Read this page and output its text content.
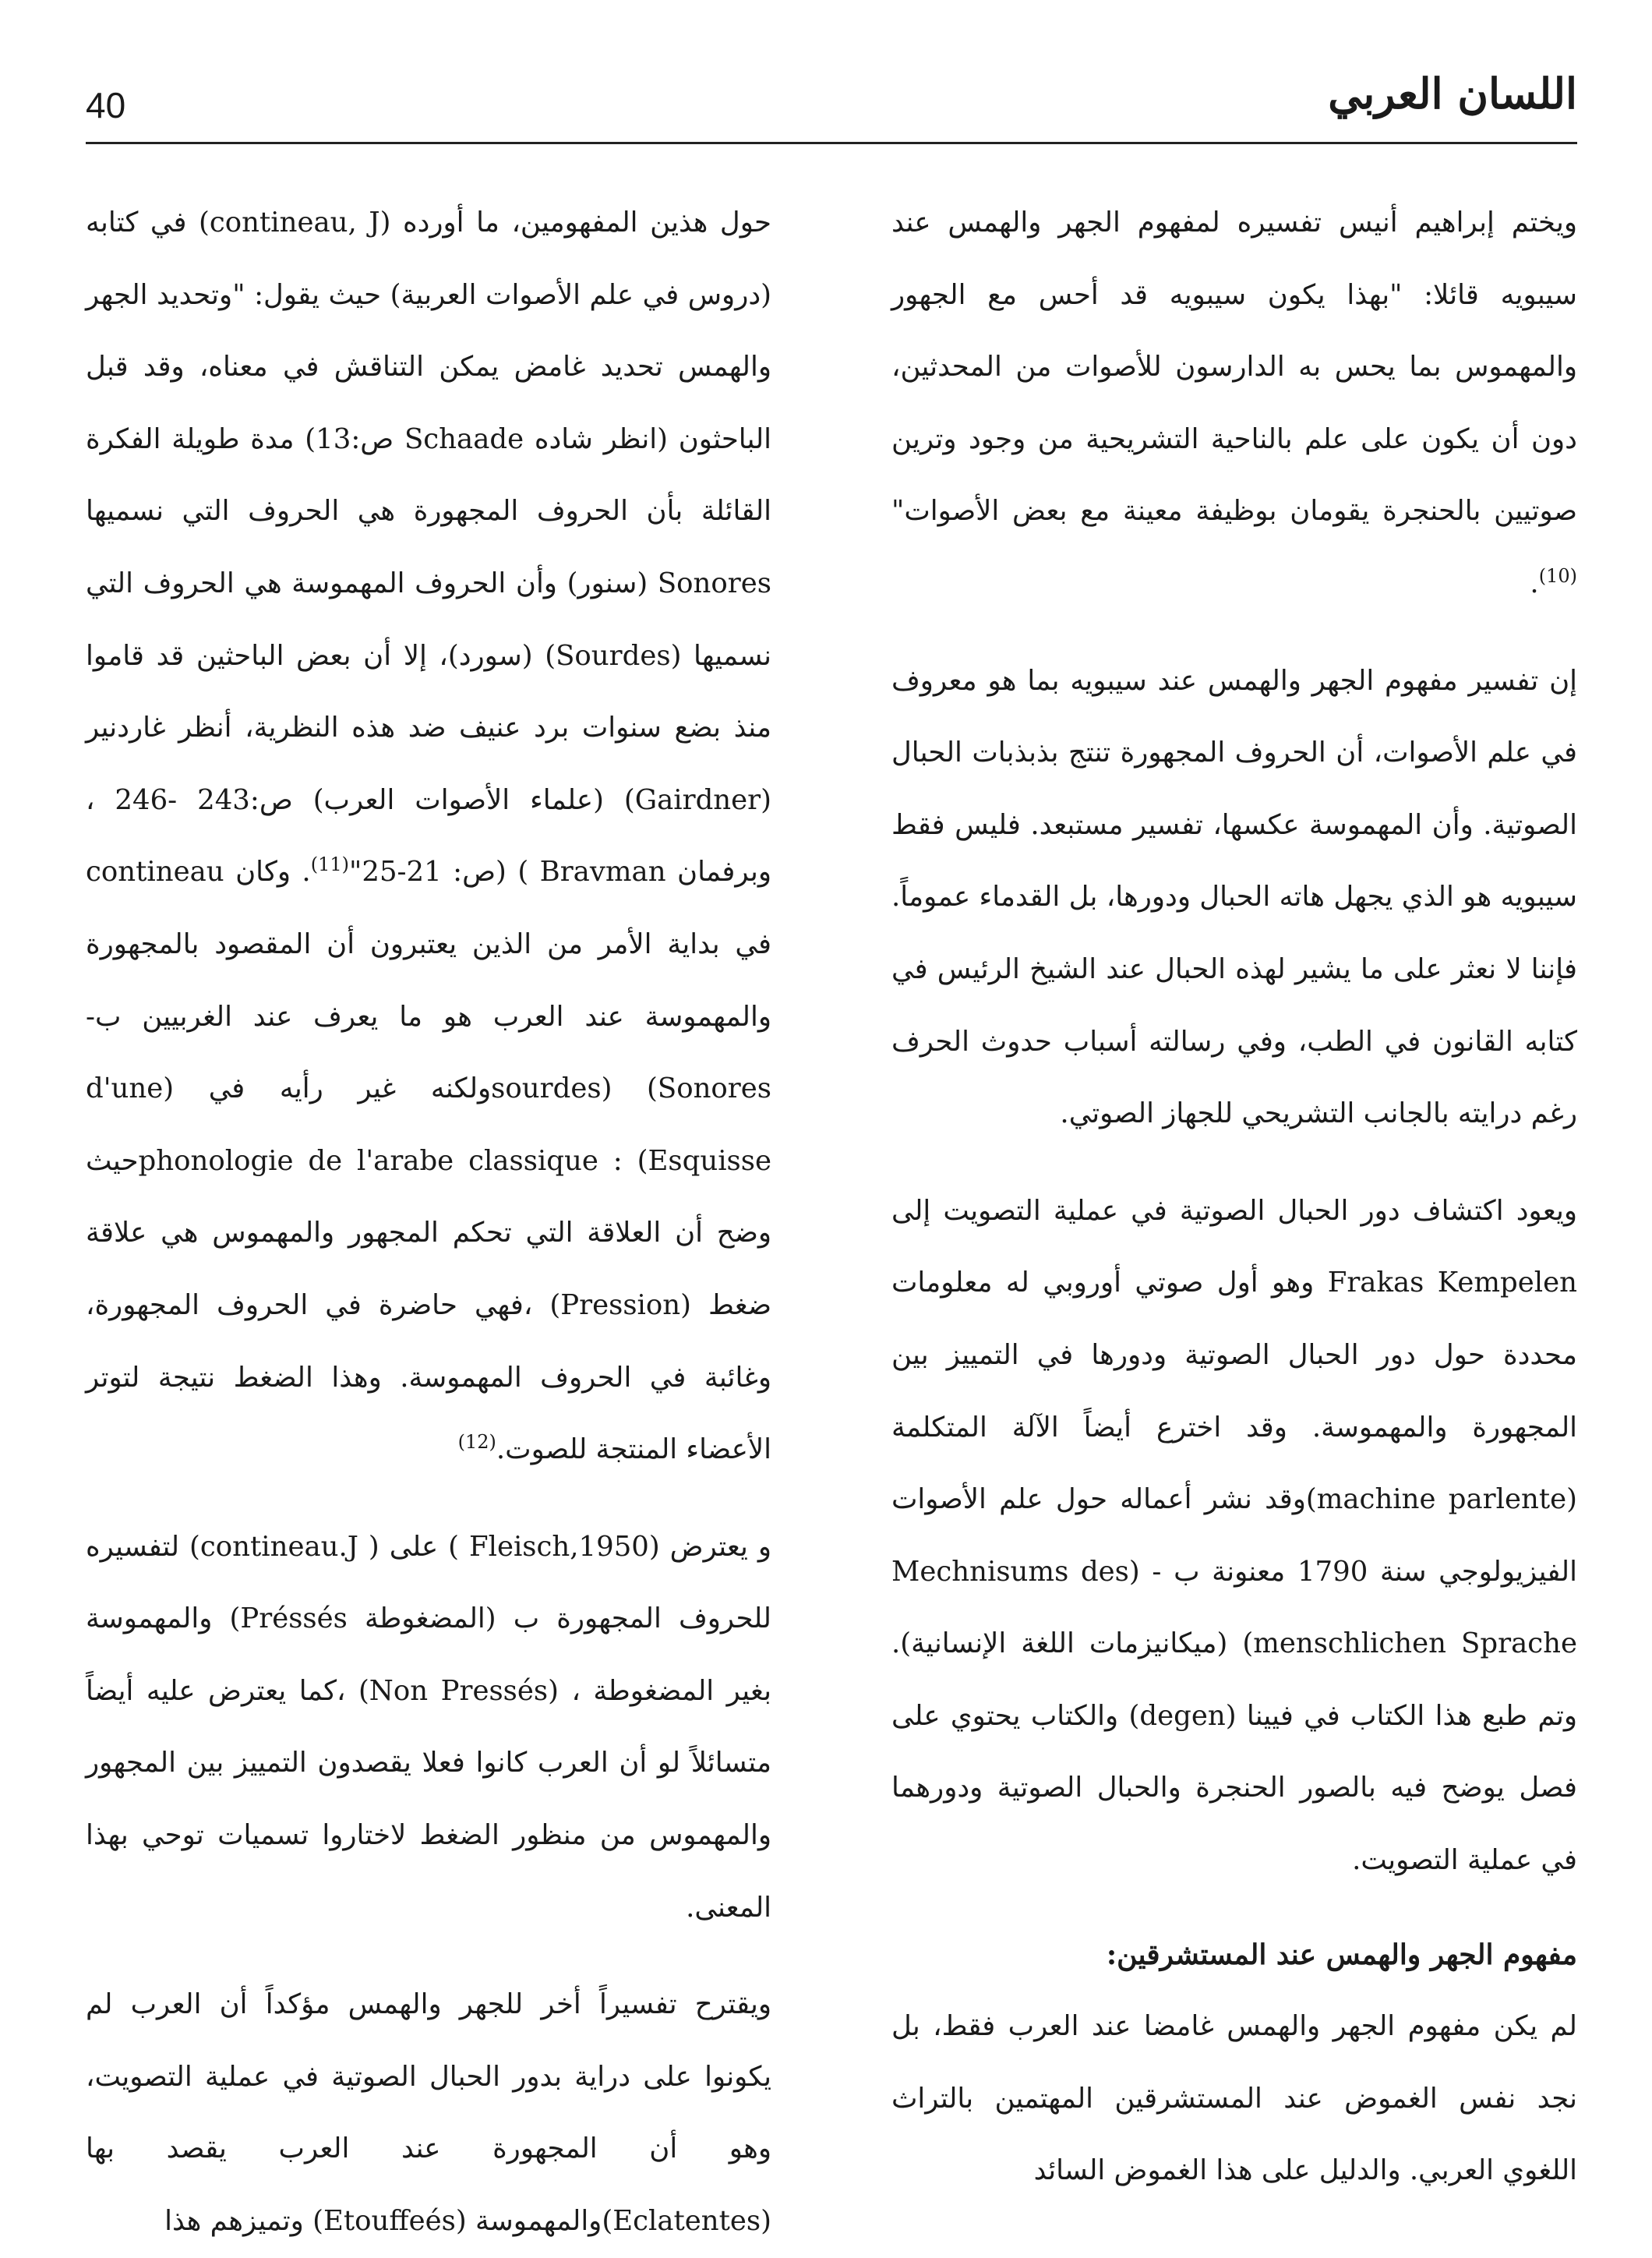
40	اللسان العربي

ويختم إبراهيم أنيس تفسيره لمفهوم الجهر والهمس عند سيبويه قائلا: "بهذا يكون سيبويه قد أحس مع الجهور والمهموس بما يحس به الدارسون للأصوات من المحدثين، دون أن يكون على علم بالناحية التشريحية من وجود وترين صوتيين بالحنجرة يقومان بوظيفة معينة مع بعض الأصوات"$^{(10)}$.

إن تفسير مفهوم الجهر والهمس عند سيبويه بما هو معروف في علم الأصوات، أن الحروف المجهورة تنتج بذبذبات الحبال الصوتية. وأن المهموسة عكسها، تفسير مستبعد. فليس فقط سيبويه هو الذي يجهل هاته الحبال ودورها، بل القدماء عموماً. فإننا لا نعثر على ما يشير لهذه الحبال عند الشيخ الرئيس في كتابه القانون في الطب، وفي رسالته أسباب حدوث الحرف رغم درايته بالجانب التشريحي للجهاز الصوتي.

ويعود اكتشاف دور الحبال الصوتية في عملية التصويت إلى Frakas Kempelen وهو أول صوتي أوروبي له معلومات محددة حول دور الحبال الصوتية ودورها في التمييز بين المجهورة والمهموسة. وقد اخترع أيضاً الآلة المتكلمة (machine parlente)وقد نشر أعماله حول علم الأصوات الفيزيولوجي سنة 1790 معنونة ب - (Mechnisums des menschlichen Sprache) (ميكانيزمات اللغة الإنسانية). وتم طبع هذا الكتاب في فيينا (degen) والكتاب يحتوي على فصل يوضح فيه بالصور الحنجرة والحبال الصوتية ودورهما في عملية التصويت.

مفهوم الجهر والهمس عند المستشرقين:

لم يكن مفهوم الجهر والهمس غامضا عند العرب فقط، بل نجد نفس الغموض عند المستشرقين المهتمين بالتراث اللغوي العربي. والدليل على هذا الغموض السائد

حول هذين المفهومين، ما أورده (contineau, J) في كتابه (دروس في علم الأصوات العربية) حيث يقول: "وتحديد الجهر والهمس تحديد غامض يمكن التناقش في معناه، وقد قبل الباحثون (انظر شاده Schaade ص:13) مدة طويلة الفكرة القائلة بأن الحروف المجهورة هي الحروف التي نسميها Sonores (سنور) وأن الحروف المهموسة هي الحروف التي نسميها (Sourdes) (سورد)، إلا أن بعض الباحثين قد قاموا منذ بضع سنوات برد عنيف ضد هذه النظرية، أنظر غاردنير (Gairdner) (علماء الأصوات العرب) ص:243 -246 ، وبرفمان Bravman ) (ص: 21-25"$^{(11)}$. وكان contineau في بداية الأمر من الذين يعتبرون أن المقصود بالمجهورة والمهموسة عند العرب هو ما يعرف عند الغربيين ب- Sonores) (sourdesولكنه غير رأيه في (d'une Esquisse) : phonologie de l'arabe classiqueحيث وضح أن العلاقة التي تحكم المجهور والمهموس هي علاقة ضغط (Pression) ،فهي حاضرة في الحروف المجهورة، وغائبة في الحروف المهموسة. وهذا الضغط نتيجة لتوتر الأعضاء المنتجة للصوت.$^{(12)}$

و يعترض (Fleisch,1950 ) على ( contineau.J) لتفسيره للحروف المجهورة ب (المضغوطة Préssés) والمهموسة بغير المضغوطة ، (Non Pressés) ،كما يعترض عليه أيضاً متسائلاً لو أن العرب كانوا فعلا يقصدون التمييز بين المجهور والمهموس من منظور الضغط لاختاروا تسميات توحي بهذا المعنى.

ويقترح تفسيراً أخر للجهر والهمس مؤكداً أن العرب لم يكونوا على دراية بدور الحبال الصوتية في عملية التصويت، وهو أن المجهورة عند العرب يقصد بها (Eclatentes)والمهموسة (Etouffeés) وتميزهم هذا
